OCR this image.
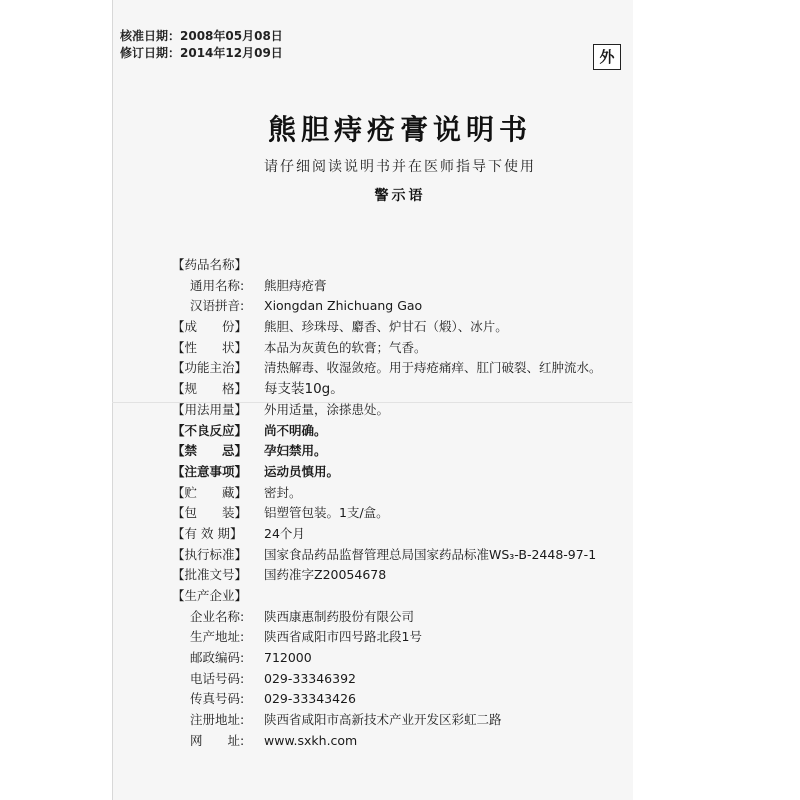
核准日期：2008年05月08日
修订日期：2014年12月09日	外
熊胆痔疮膏说明书
请仔细阅读说明书并在医师指导下使用
警示语
【药品名称】
通用名称:	熊胆痔疮膏
汉语拼音:	Xiongdan Zhichuang Gao
【成　　份】	熊胆、珍珠母、麝香、炉甘石（煅）、冰片。
【性　　状】	本品为灰黄色的软膏；气香。
【功能主治】	清热解毒、收湿敛疮。用于痔疮痛痒、肛门破裂、红肿流水。
【规　　格】	每支装10g。
【用法用量】	外用适量，涂搽患处。
【不良反应】	尚不明确。
【禁　　忌】	孕妇禁用。
【注意事项】	运动员慎用。
【贮　　藏】	密封。
【包　　装】	铝塑管包装。1支/盒。
【有 效 期】	24个月
【执行标准】	国家食品药品监督管理总局国家药品标准WS₃-B-2448-97-1
【批准文号】	国药准字Z20054678
【生产企业】
企业名称:	陕西康惠制药股份有限公司
生产地址:	陕西省咸阳市四号路北段1号
邮政编码:	712000
电话号码:	029-33346392
传真号码:	029-33343426
注册地址:	陕西省咸阳市高新技术产业开发区彩虹二路
网　　址:	www.sxkh.com
